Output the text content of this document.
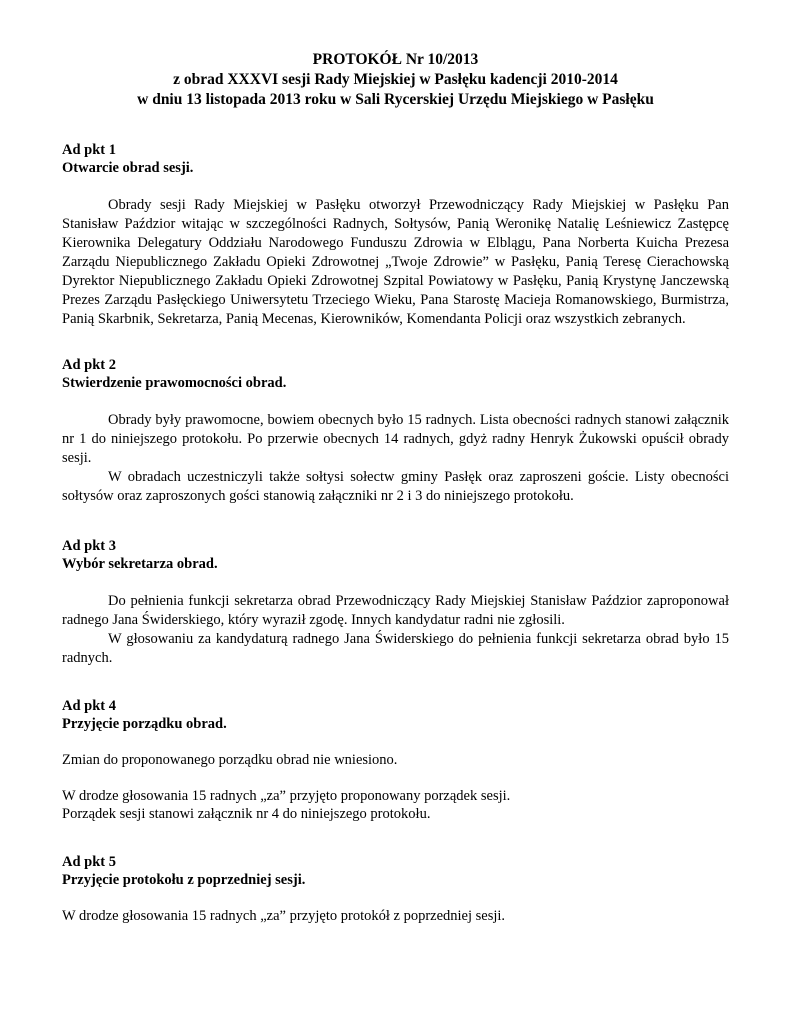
PROTOKÓŁ Nr 10/2013

z obrad XXXVI sesji Rady Miejskiej w Pasłęku kadencji 2010-2014

w dniu 13 listopada 2013 roku w Sali Rycerskiej Urzędu Miejskiego w Pasłęku

Ad pkt 1

Otwarcie obrad sesji.

Obrady sesji Rady Miejskiej w Pasłęku otworzył Przewodniczący Rady Miejskiej w Pasłęku Pan Stanisław Paździor witając w szczególności Radnych, Sołtysów, Panią Weronikę Natalię Leśniewicz Zastępcę Kierownika Delegatury Oddziału Narodowego Funduszu Zdrowia w Elblągu, Pana Norberta Kuicha Prezesa Zarządu Niepublicznego Zakładu Opieki Zdrowotnej „Twoje Zdrowie” w Pasłęku, Panią Teresę Cierachowską Dyrektor Niepublicznego Zakładu Opieki Zdrowotnej Szpital Powiatowy w Pasłęku, Panią Krystynę Janczewską Prezes Zarządu Pasłęckiego Uniwersytetu Trzeciego Wieku, Pana Starostę Macieja Romanowskiego, Burmistrza, Panią Skarbnik, Sekretarza, Panią Mecenas, Kierowników, Komendanta Policji oraz wszystkich zebranych.

Ad pkt 2

Stwierdzenie prawomocności obrad.

Obrady były prawomocne, bowiem obecnych było 15 radnych. Lista obecności radnych stanowi załącznik nr 1 do niniejszego protokołu. Po przerwie obecnych 14 radnych, gdyż radny Henryk Żukowski opuścił obrady sesji.

W obradach uczestniczyli także sołtysi sołectw gminy Pasłęk oraz zaproszeni goście. Listy obecności sołtysów oraz zaproszonych gości stanowią załączniki nr 2 i 3 do niniejszego protokołu.

Ad pkt 3

Wybór sekretarza obrad.

Do pełnienia funkcji sekretarza obrad Przewodniczący Rady Miejskiej Stanisław Paździor zaproponował radnego Jana Świderskiego, który wyraził zgodę. Innych kandydatur radni nie zgłosili.

W głosowaniu za kandydaturą radnego Jana Świderskiego do pełnienia funkcji sekretarza obrad było 15 radnych.

Ad pkt 4

Przyjęcie porządku obrad.

Zmian do proponowanego porządku obrad nie wniesiono.

W drodze głosowania 15 radnych „za” przyjęto proponowany porządek sesji.

Porządek sesji stanowi załącznik nr 4 do niniejszego protokołu.

Ad pkt 5

Przyjęcie protokołu z poprzedniej sesji.

W drodze głosowania 15 radnych „za” przyjęto protokół z poprzedniej sesji.
